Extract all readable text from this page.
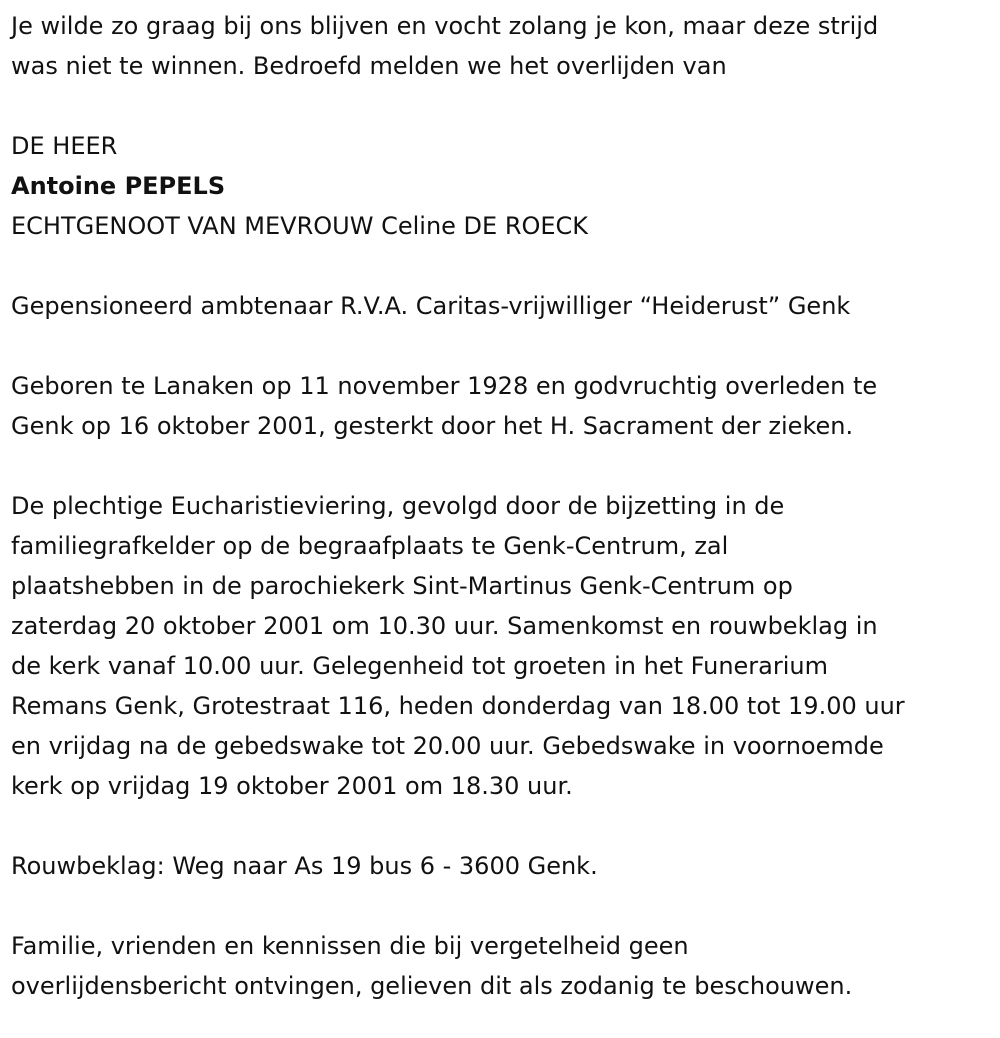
Je wilde zo graag bij ons blijven en vocht zolang je kon, maar deze strijd
was niet te winnen. Bedroefd melden we het overlijden van
DE HEER
Antoine PEPELS
ECHTGENOOT VAN MEVROUW Celine DE ROECK
Gepensioneerd ambtenaar R.V.A. Caritas-vrijwilliger “Heiderust” Genk
Geboren te Lanaken op 11 november 1928 en godvruchtig overleden te
Genk op 16 oktober 2001, gesterkt door het H. Sacrament der zieken.
De plechtige Eucharistieviering, gevolgd door de bijzetting in de
familiegrafkelder op de begraafplaats te Genk-Centrum, zal
plaatshebben in de parochiekerk Sint-Martinus Genk-Centrum op
zaterdag 20 oktober 2001 om 10.30 uur. Samenkomst en rouwbeklag in
de kerk vanaf 10.00 uur. Gelegenheid tot groeten in het Funerarium
Remans Genk, Grotestraat 116, heden donderdag van 18.00 tot 19.00 uur
en vrijdag na de gebedswake tot 20.00 uur. Gebedswake in voornoemde
kerk op vrijdag 19 oktober 2001 om 18.30 uur.
Rouwbeklag: Weg naar As 19 bus 6 - 3600 Genk.
Familie, vrienden en kennissen die bij vergetelheid geen
overlijdensbericht ontvingen, gelieven dit als zodanig te beschouwen.
